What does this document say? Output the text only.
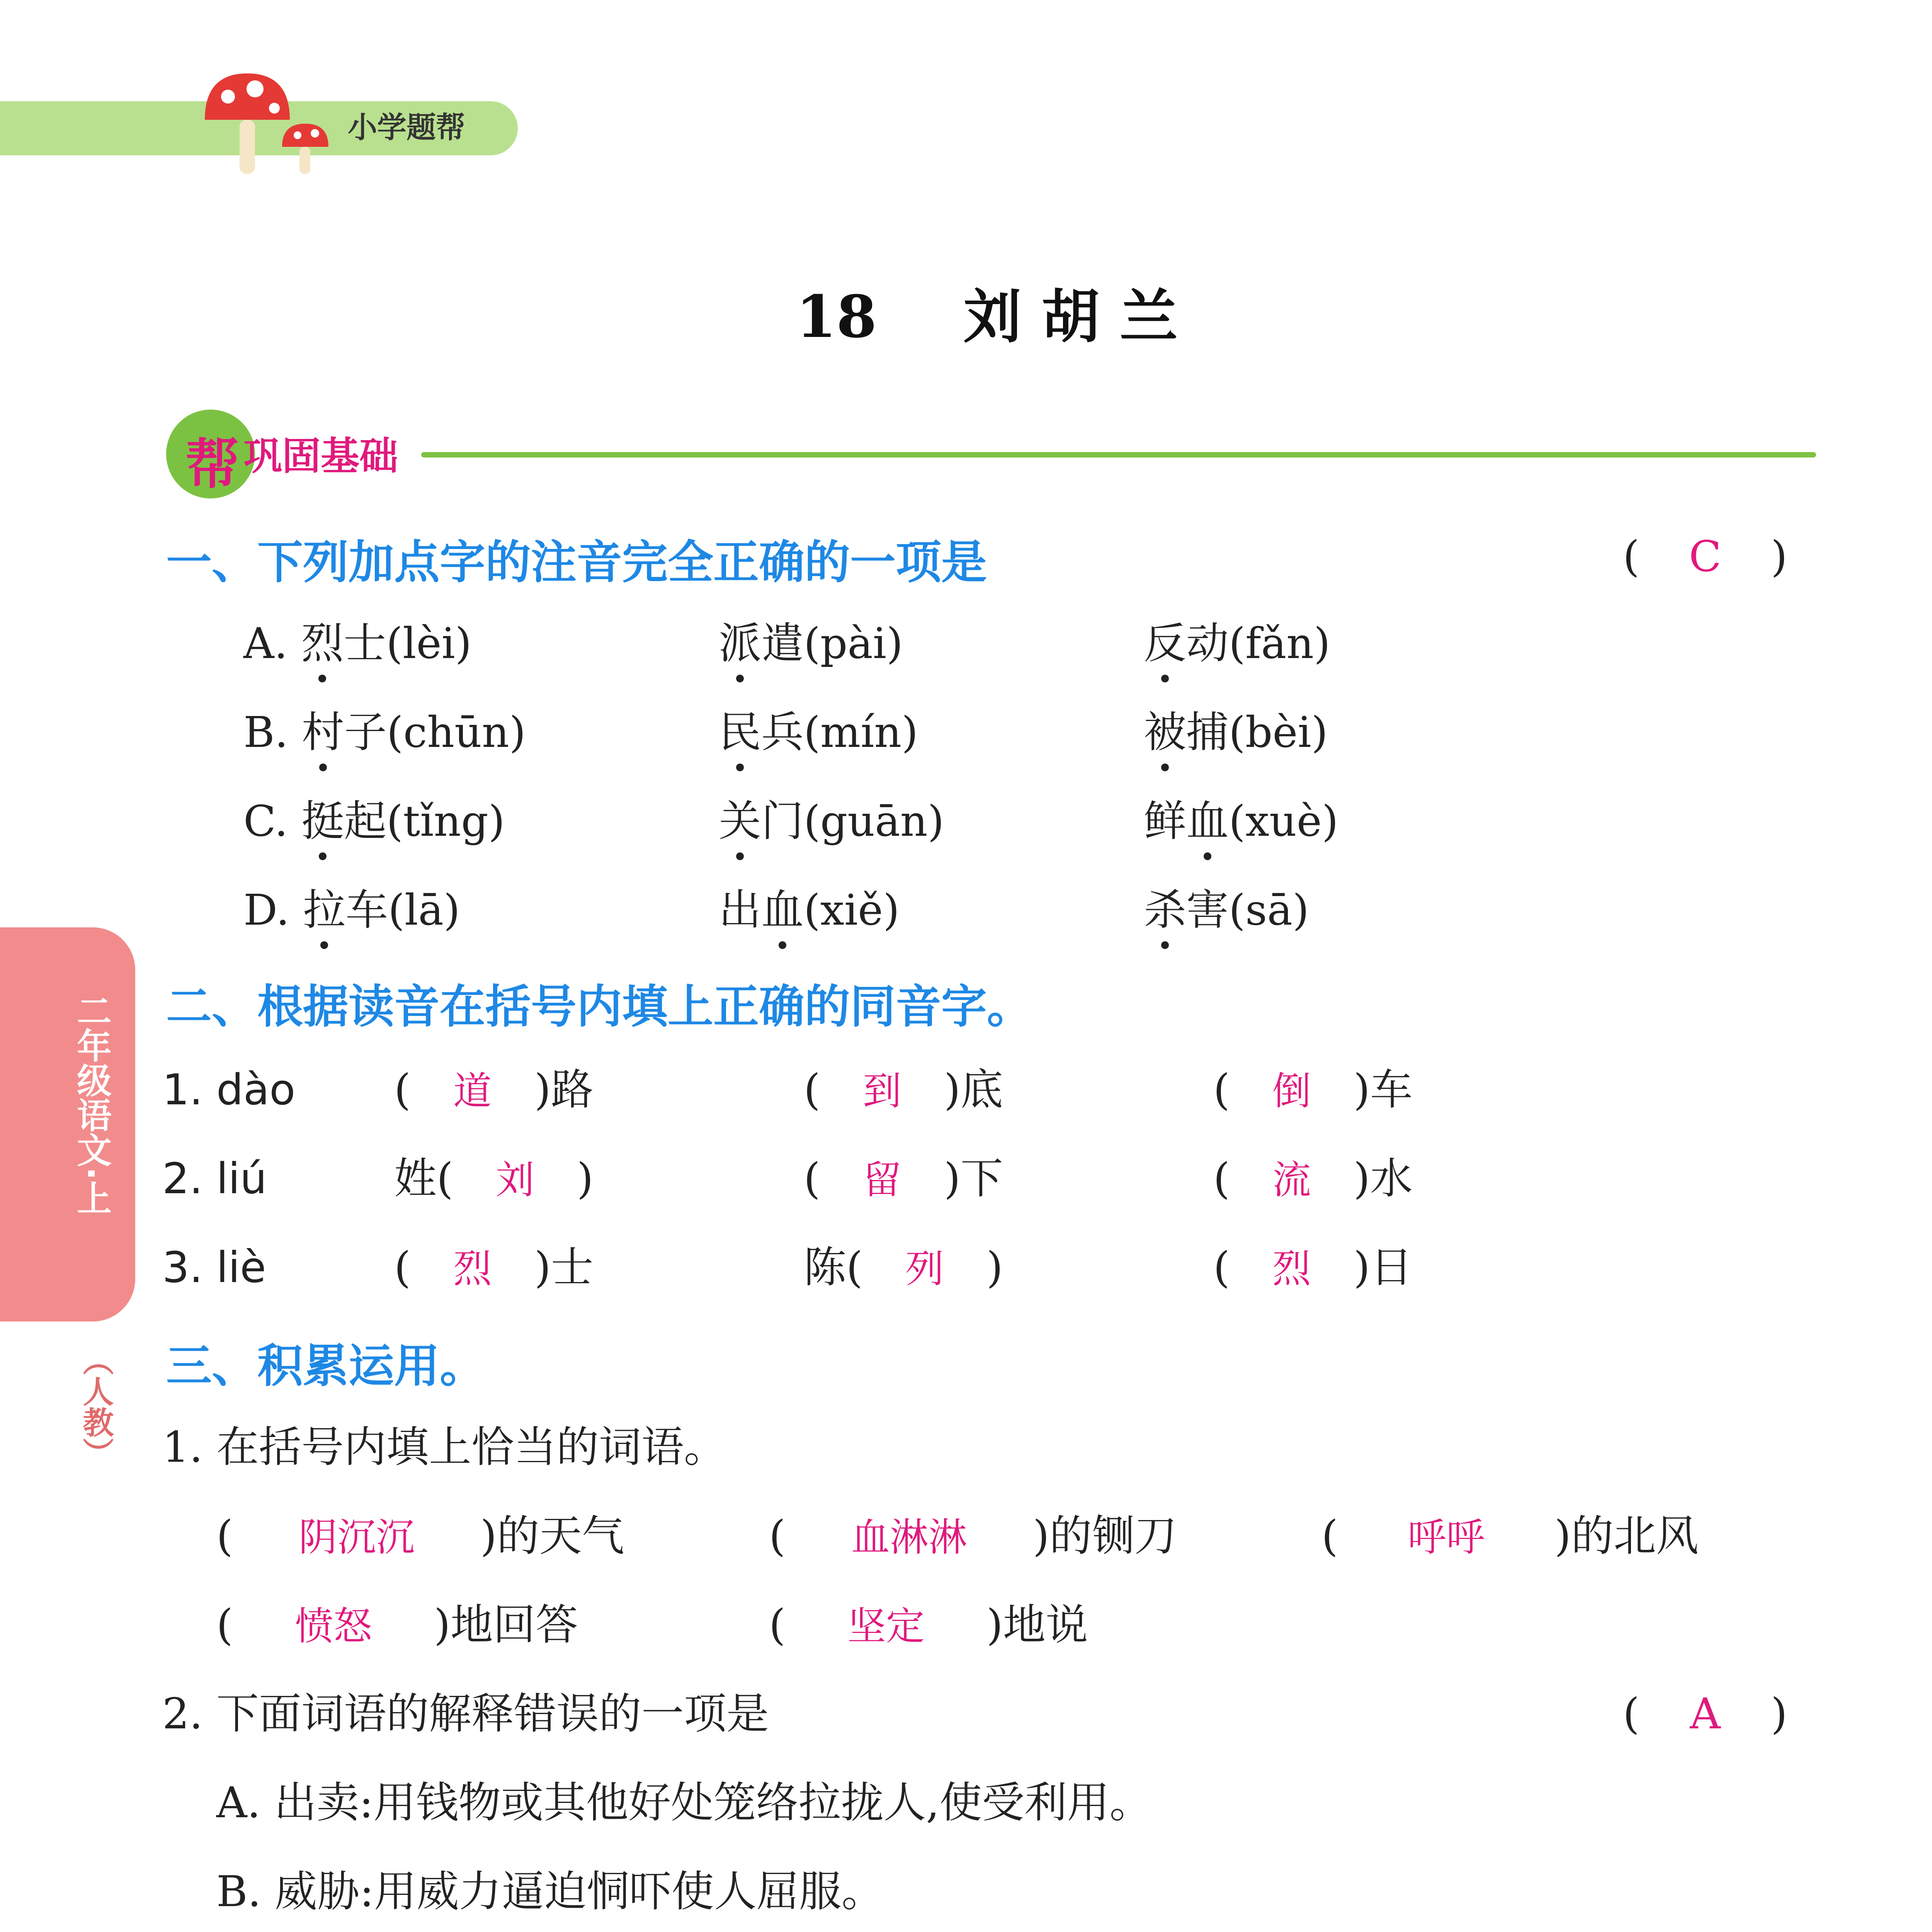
小学题帮
18 刘 胡 兰
二年级语文·上
（人教）
帮 巩固基础
一、下列加点字的注音完全正确的一项是	( C )
A. 烈士(lèi)	派遣(pài)	反动(fǎn)
B. 村子(chūn)	民兵(mín)	被捕(bèi)
C. 挺起(tǐng)	关门(guān)	鲜血(xuè)
D. 拉车(lā)	出血(xiě)	杀害(sā)
二、根据读音在括号内填上正确的同音字。
1. dào ( 道 )路	( 到 )底	( 倒 )车
2. liú	姓( 刘 )	( 留 )下	( 流 )水
3. liè	( 烈 )士	陈( 列 )	( 烈 )日
三、积累运用。
1. 在括号内填上恰当的词语。
( 阴沉沉 )的天气	( 血淋淋 )的铡刀	( 呼呼 )的北风
( 愤怒 )地回答	( 坚定 )地说
2. 下面词语的解释错误的一项是	( A )
A. 出卖:用钱物或其他好处笼络拉拢人,使受利用。
B. 威胁:用威力逼迫恫吓使人屈服。
